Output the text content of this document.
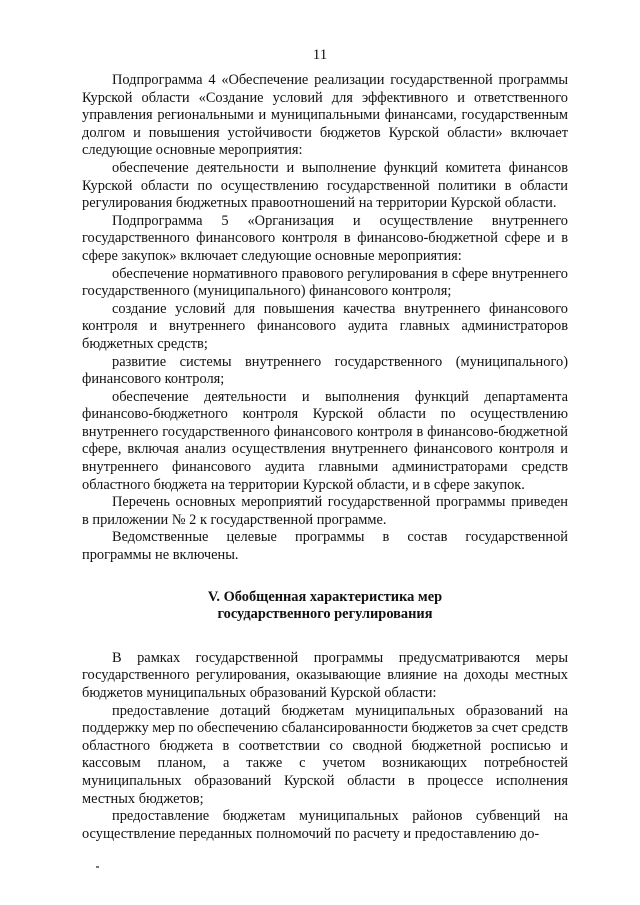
11

Подпрограмма 4 «Обеспечение реализации государственной программы Курской области «Создание условий для эффективного и ответственного управления региональными и муниципальными финансами, государственным долгом и повышения устойчивости бюджетов Курской области» включает следующие основные мероприятия:

обеспечение деятельности и выполнение функций комитета финансов Курской области по осуществлению государственной политики в области регулирования бюджетных правоотношений на территории Курской области.

Подпрограмма 5 «Организация и осуществление внутреннего государственного финансового контроля в финансово-бюджетной сфере и в сфере закупок» включает следующие основные мероприятия:

обеспечение нормативного правового регулирования в сфере внутреннего государственного (муниципального) финансового контроля;

создание условий для повышения качества внутреннего финансового контроля и внутреннего финансового аудита главных администраторов бюджетных средств;

развитие системы внутреннего государственного (муниципального) финансового контроля;

обеспечение деятельности и выполнения функций департамента финансово-бюджетного контроля Курской области по осуществлению внутреннего государственного финансового контроля в финансово-бюджетной сфере, включая анализ осуществления внутреннего финансового контроля и внутреннего финансового аудита главными администраторами средств областного бюджета на территории Курской области, и в сфере закупок.

Перечень основных мероприятий государственной программы приведен в приложении № 2 к государственной программе.

Ведомственные целевые программы в состав государственной программы не включены.

V. Обобщенная характеристика мер
государственного регулирования

В рамках государственной программы предусматриваются меры государственного регулирования, оказывающие влияние на доходы местных бюджетов муниципальных образований Курской области:

предоставление дотаций бюджетам муниципальных образований на поддержку мер по обеспечению сбалансированности бюджетов за счет средств областного бюджета в соответствии со сводной бюджетной росписью и кассовым планом, а также с учетом возникающих потребностей муниципальных образований Курской области в процессе исполнения местных бюджетов;

предоставление бюджетам муниципальных районов субвенций на осуществление переданных полномочий по расчету и предоставлению до-
